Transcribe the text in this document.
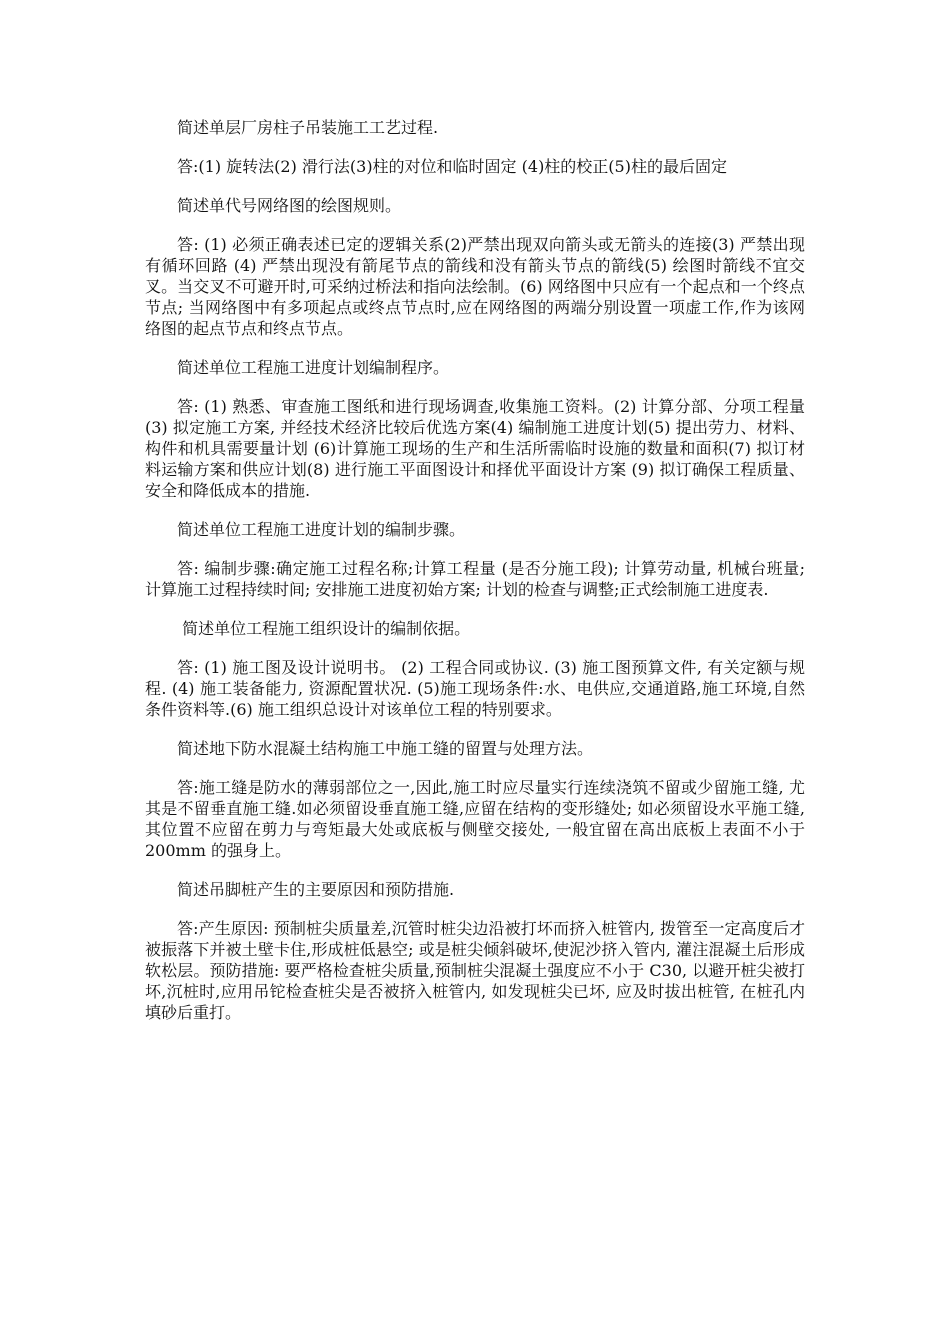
简述单层厂房柱子吊装施工工艺过程.

答:(1) 旋转法(2) 滑行法(3)柱的对位和临时固定 (4)柱的校正(5)柱的最后固定

简述单代号网络图的绘图规则。

答: (1) 必须正确表述已定的逻辑关系(2)严禁出现双向箭头或无箭头的连接(3) 严禁出现有循环回路 (4) 严禁出现没有箭尾节点的箭线和没有箭头节点的箭线(5) 绘图时箭线不宜交叉。当交叉不可避开时,可采纳过桥法和指向法绘制。(6) 网络图中只应有一个起点和一个终点节点; 当网络图中有多项起点或终点节点时,应在网络图的两端分别设置一项虚工作,作为该网络图的起点节点和终点节点。

简述单位工程施工进度计划编制程序。

答: (1) 熟悉、审查施工图纸和进行现场调查,收集施工资料。(2) 计算分部、分项工程量 (3) 拟定施工方案, 并经技术经济比较后优选方案(4) 编制施工进度计划(5) 提出劳力、材料、构件和机具需要量计划 (6)计算施工现场的生产和生活所需临时设施的数量和面积(7) 拟订材料运输方案和供应计划(8) 进行施工平面图设计和择优平面设计方案 (9) 拟订确保工程质量、安全和降低成本的措施.

简述单位工程施工进度计划的编制步骤。

答: 编制步骤:确定施工过程名称;计算工程量 (是否分施工段); 计算劳动量, 机械台班量; 计算施工过程持续时间; 安排施工进度初始方案; 计划的检查与调整;正式绘制施工进度表.

简述单位工程施工组织设计的编制依据。

答: (1) 施工图及设计说明书。 (2) 工程合同或协议. (3) 施工图预算文件, 有关定额与规程. (4) 施工装备能力, 资源配置状况. (5)施工现场条件:水、电供应,交通道路,施工环境,自然条件资料等.(6) 施工组织总设计对该单位工程的特别要求。

简述地下防水混凝土结构施工中施工缝的留置与处理方法。

答:施工缝是防水的薄弱部位之一,因此,施工时应尽量实行连续浇筑不留或少留施工缝, 尤其是不留垂直施工缝.如必须留设垂直施工缝,应留在结构的变形缝处; 如必须留设水平施工缝, 其位置不应留在剪力与弯矩最大处或底板与侧壁交接处, 一般宜留在高出底板上表面不小于 200mm 的强身上。

简述吊脚桩产生的主要原因和预防措施.

答:产生原因: 预制桩尖质量差,沉管时桩尖边沿被打坏而挤入桩管内, 拨管至一定高度后才被振落下并被土壁卡住,形成桩低悬空; 或是桩尖倾斜破坏,使泥沙挤入管内, 灌注混凝土后形成软松层。预防措施: 要严格检查桩尖质量,预制桩尖混凝土强度应不小于 C30, 以避开桩尖被打坏,沉桩时,应用吊铊检查桩尖是否被挤入桩管内, 如发现桩尖已坏, 应及时拔出桩管, 在桩孔内填砂后重打。
